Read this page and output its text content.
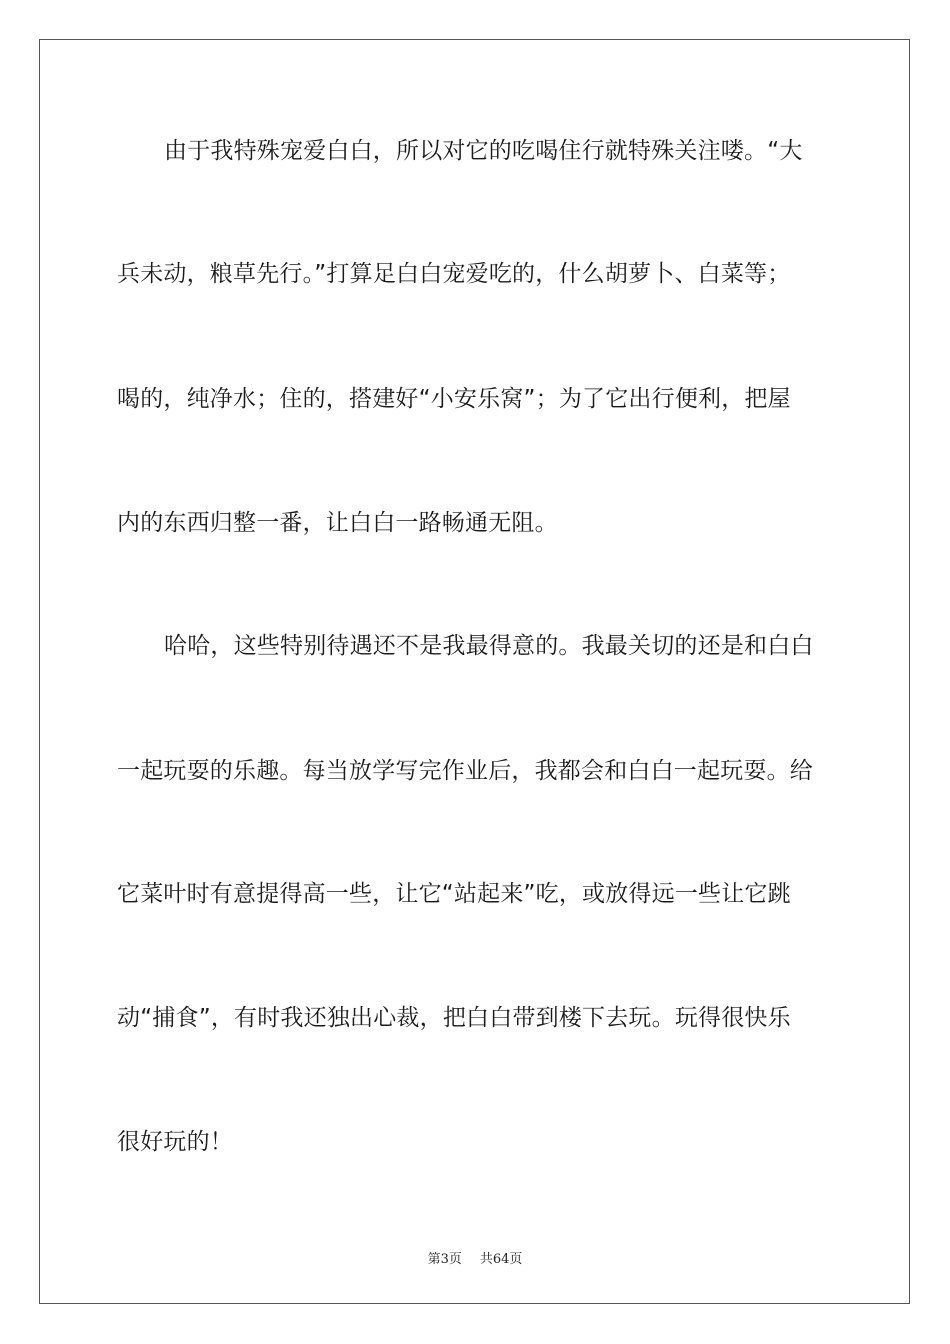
由于我特殊宠爱白白，所以对它的吃喝住行就特殊关注喽。“大
兵未动，粮草先行。”打算足白白宠爱吃的，什么胡萝卜、白菜等；
喝的，纯净水；住的，搭建好“小安乐窝”；为了它出行便利，把屋
内的东西归整一番，让白白一路畅通无阻。
哈哈，这些特别待遇还不是我最得意的。我最关切的还是和白白
一起玩耍的乐趣。每当放学写完作业后，我都会和白白一起玩耍。给
它菜叶时有意提得高一些，让它“站起来”吃，或放得远一些让它跳
动“捕食”，有时我还独出心裁，把白白带到楼下去玩。玩得很快乐
很好玩的！
第3页 共64页
